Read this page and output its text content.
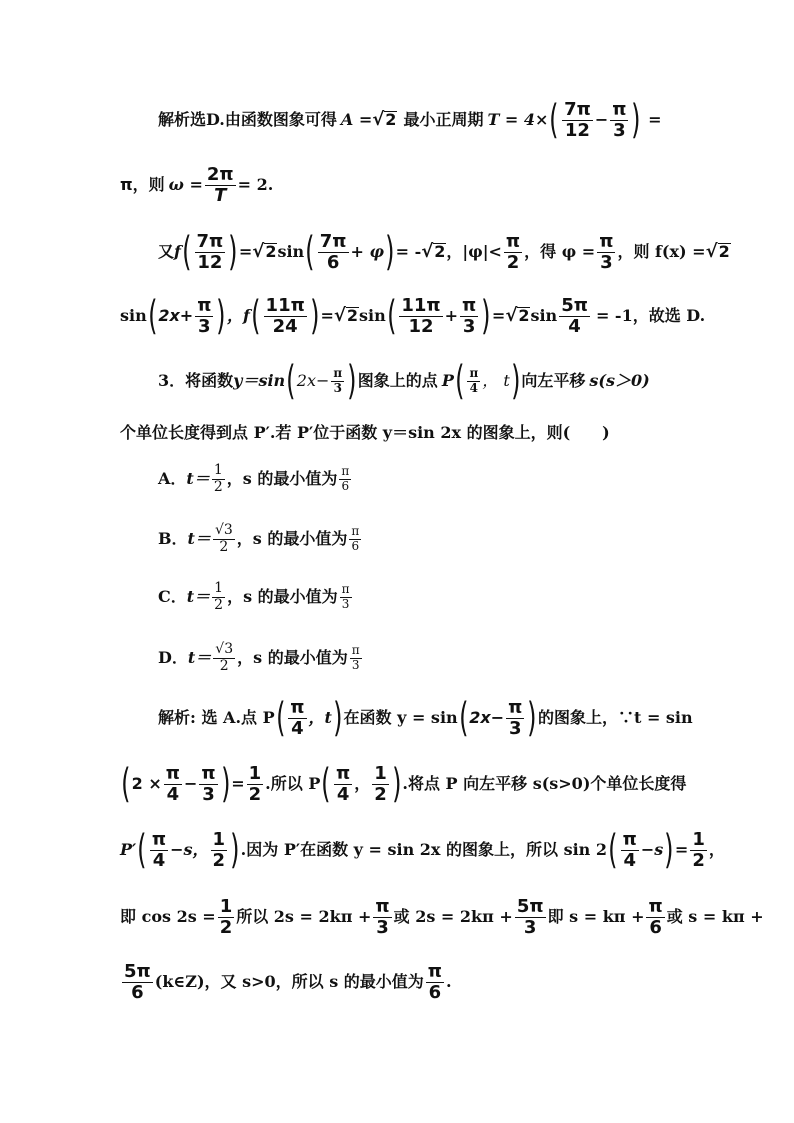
解析选D.由函数图象可得 A = √ 2 最小正周期 T = 4× ( $\frac{7\pi}{12} - \frac{\pi}{3}$ ) =
π ，则 $\omega = \frac{2\pi}{T} = 2$.
又 f ( $\frac{7\pi}{12}$ ) = √ 2 sin ( $\frac{7\pi}{6} + \varphi$ ) = - √ 2 ，$|\varphi|< \frac{\pi}{2}$ ，得 $\varphi = \frac{\pi}{3}$ ，则 f(x) = √ 2
sin ( $2x+ \frac{\pi}{3}$ ) ，f ( $\frac{11\pi}{24}$ ) = √ 2 sin ( $\frac{11\pi}{12} + \frac{\pi}{3}$ ) = √ 2 $\sin \frac{5\pi}{4} = -1$，故选 D.
3．将函数 y＝sin ( $2x- \frac{\pi}{3}$ ) 图象上的点 P ( $\frac{\pi}{4}$ ， t ) 向左平移 s(s＞0)
个单位长度得到点 P′.若 P′位于函数 y＝sin 2x 的图象上，则(　　)
A． $t= \frac{1}{2}$ ，s 的最小值为 $\frac{\pi}{6}$
B． $t= \frac{√3}{2}$ ，s 的最小值为 $\frac{\pi}{6}$
C． $t= \frac{1}{2}$ ，s 的最小值为 $\frac{\pi}{3}$
D． $t= \frac{√3}{2}$ ，s 的最小值为 $\frac{\pi}{3}$
解析: 选 A.点 P ( $\frac{\pi}{4}$ ，t ) 在函数 y = sin ( $2x- \frac{\pi}{3}$ ) 的图象上，∵t = sin
( $2 \times \frac{\pi}{4} - \frac{\pi}{3}$ ) = $\frac{1}{2}$ .所以 P ( $\frac{\pi}{4}$ ， $\frac{1}{2}$ ) .将点 P 向左平移 s(s>0)个单位长度得
P′ ( $\frac{\pi}{4} -s$， $\frac{1}{2}$ ) .因为 P′在函数 y = sin 2x 的图象上，所以 sin 2 ( $\frac{\pi}{4} -s$ ) = $\frac{1}{2}$ ，
即 $\cos 2s = \frac{1}{2}$ 所以 $2s = 2k\pi + \frac{\pi}{3}$ 或 $2s = 2k\pi + \frac{5\pi}{3}$ 即 $s = k\pi + \frac{\pi}{6}$ 或 s = kπ +
$\frac{5\pi}{6}$ (k∈Z)，又 s>0，所以 s 的最小值为 $\frac{\pi}{6}$ .
